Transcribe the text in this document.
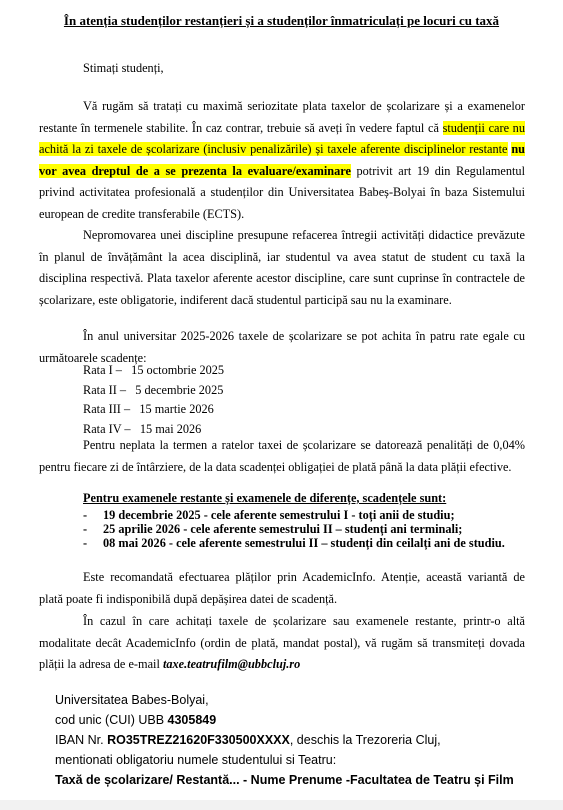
În atenția studenților restanțieri și a studenților înmatriculați pe locuri cu taxă
Stimați studenți,
Vă rugăm să tratați cu maximă seriozitate plata taxelor de școlarizare și a examenelor restante în termenele stabilite. În caz contrar, trebuie să aveți în vedere faptul că studenții care nu achită la zi taxele de școlarizare (inclusiv penalizările) și taxele aferente disciplinelor restante nu vor avea dreptul de a se prezenta la evaluare/examinare potrivit art 19 din Regulamentul privind activitatea profesională a studenților din Universitatea Babeș-Bolyai în baza Sistemului european de credite transferabile (ECTS).
Nepromovarea unei discipline presupune refacerea întregii activități didactice prevăzute în planul de învățământ la acea disciplină, iar studentul va avea statut de student cu taxă la disciplina respectivă. Plata taxelor aferente acestor discipline, care sunt cuprinse în contractele de școlarizare, este obligatorie, indiferent dacă studentul participă sau nu la examinare.
În anul universitar 2025-2026 taxele de școlarizare se pot achita în patru rate egale cu următoarele scadențe:
Rata I – 15 octombrie 2025
Rata II – 5 decembrie 2025
Rata III – 15 martie 2026
Rata IV – 15 mai 2026
Pentru neplata la termen a ratelor taxei de școlarizare se datorează penalități de 0,04% pentru fiecare zi de întârziere, de la data scadenței obligației de plată până la data plății efective.
Pentru examenele restante și examenele de diferențe, scadențele sunt:
- 19 decembrie 2025 - cele aferente semestrului I - toți anii de studiu;
- 25 aprilie 2026 - cele aferente semestrului II – studenți ani terminali;
- 08 mai 2026 - cele aferente semestrului II – studenți din ceilalți ani de studiu.
Este recomandată efectuarea plăților prin AcademicInfo. Atenție, această variantă de plată poate fi indisponibilă după depășirea datei de scadență.
În cazul în care achitați taxele de școlarizare sau examenele restante, printr-o altă modalitate decât AcademicInfo (ordin de plată, mandat postal), vă rugăm să transmiteți dovada plății la adresa de e-mail taxe.teatrufilm@ubbcluj.ro
Universitatea Babes-Bolyai,
cod unic (CUI) UBB 4305849
IBAN Nr. RO35TREZ21620F330500XXXX, deschis la Trezoreria Cluj,
mentionati obligatoriu numele studentului si Teatru:
Taxă de școlarizare/ Restantă... - Nume Prenume -Facultatea de Teatru și Film
